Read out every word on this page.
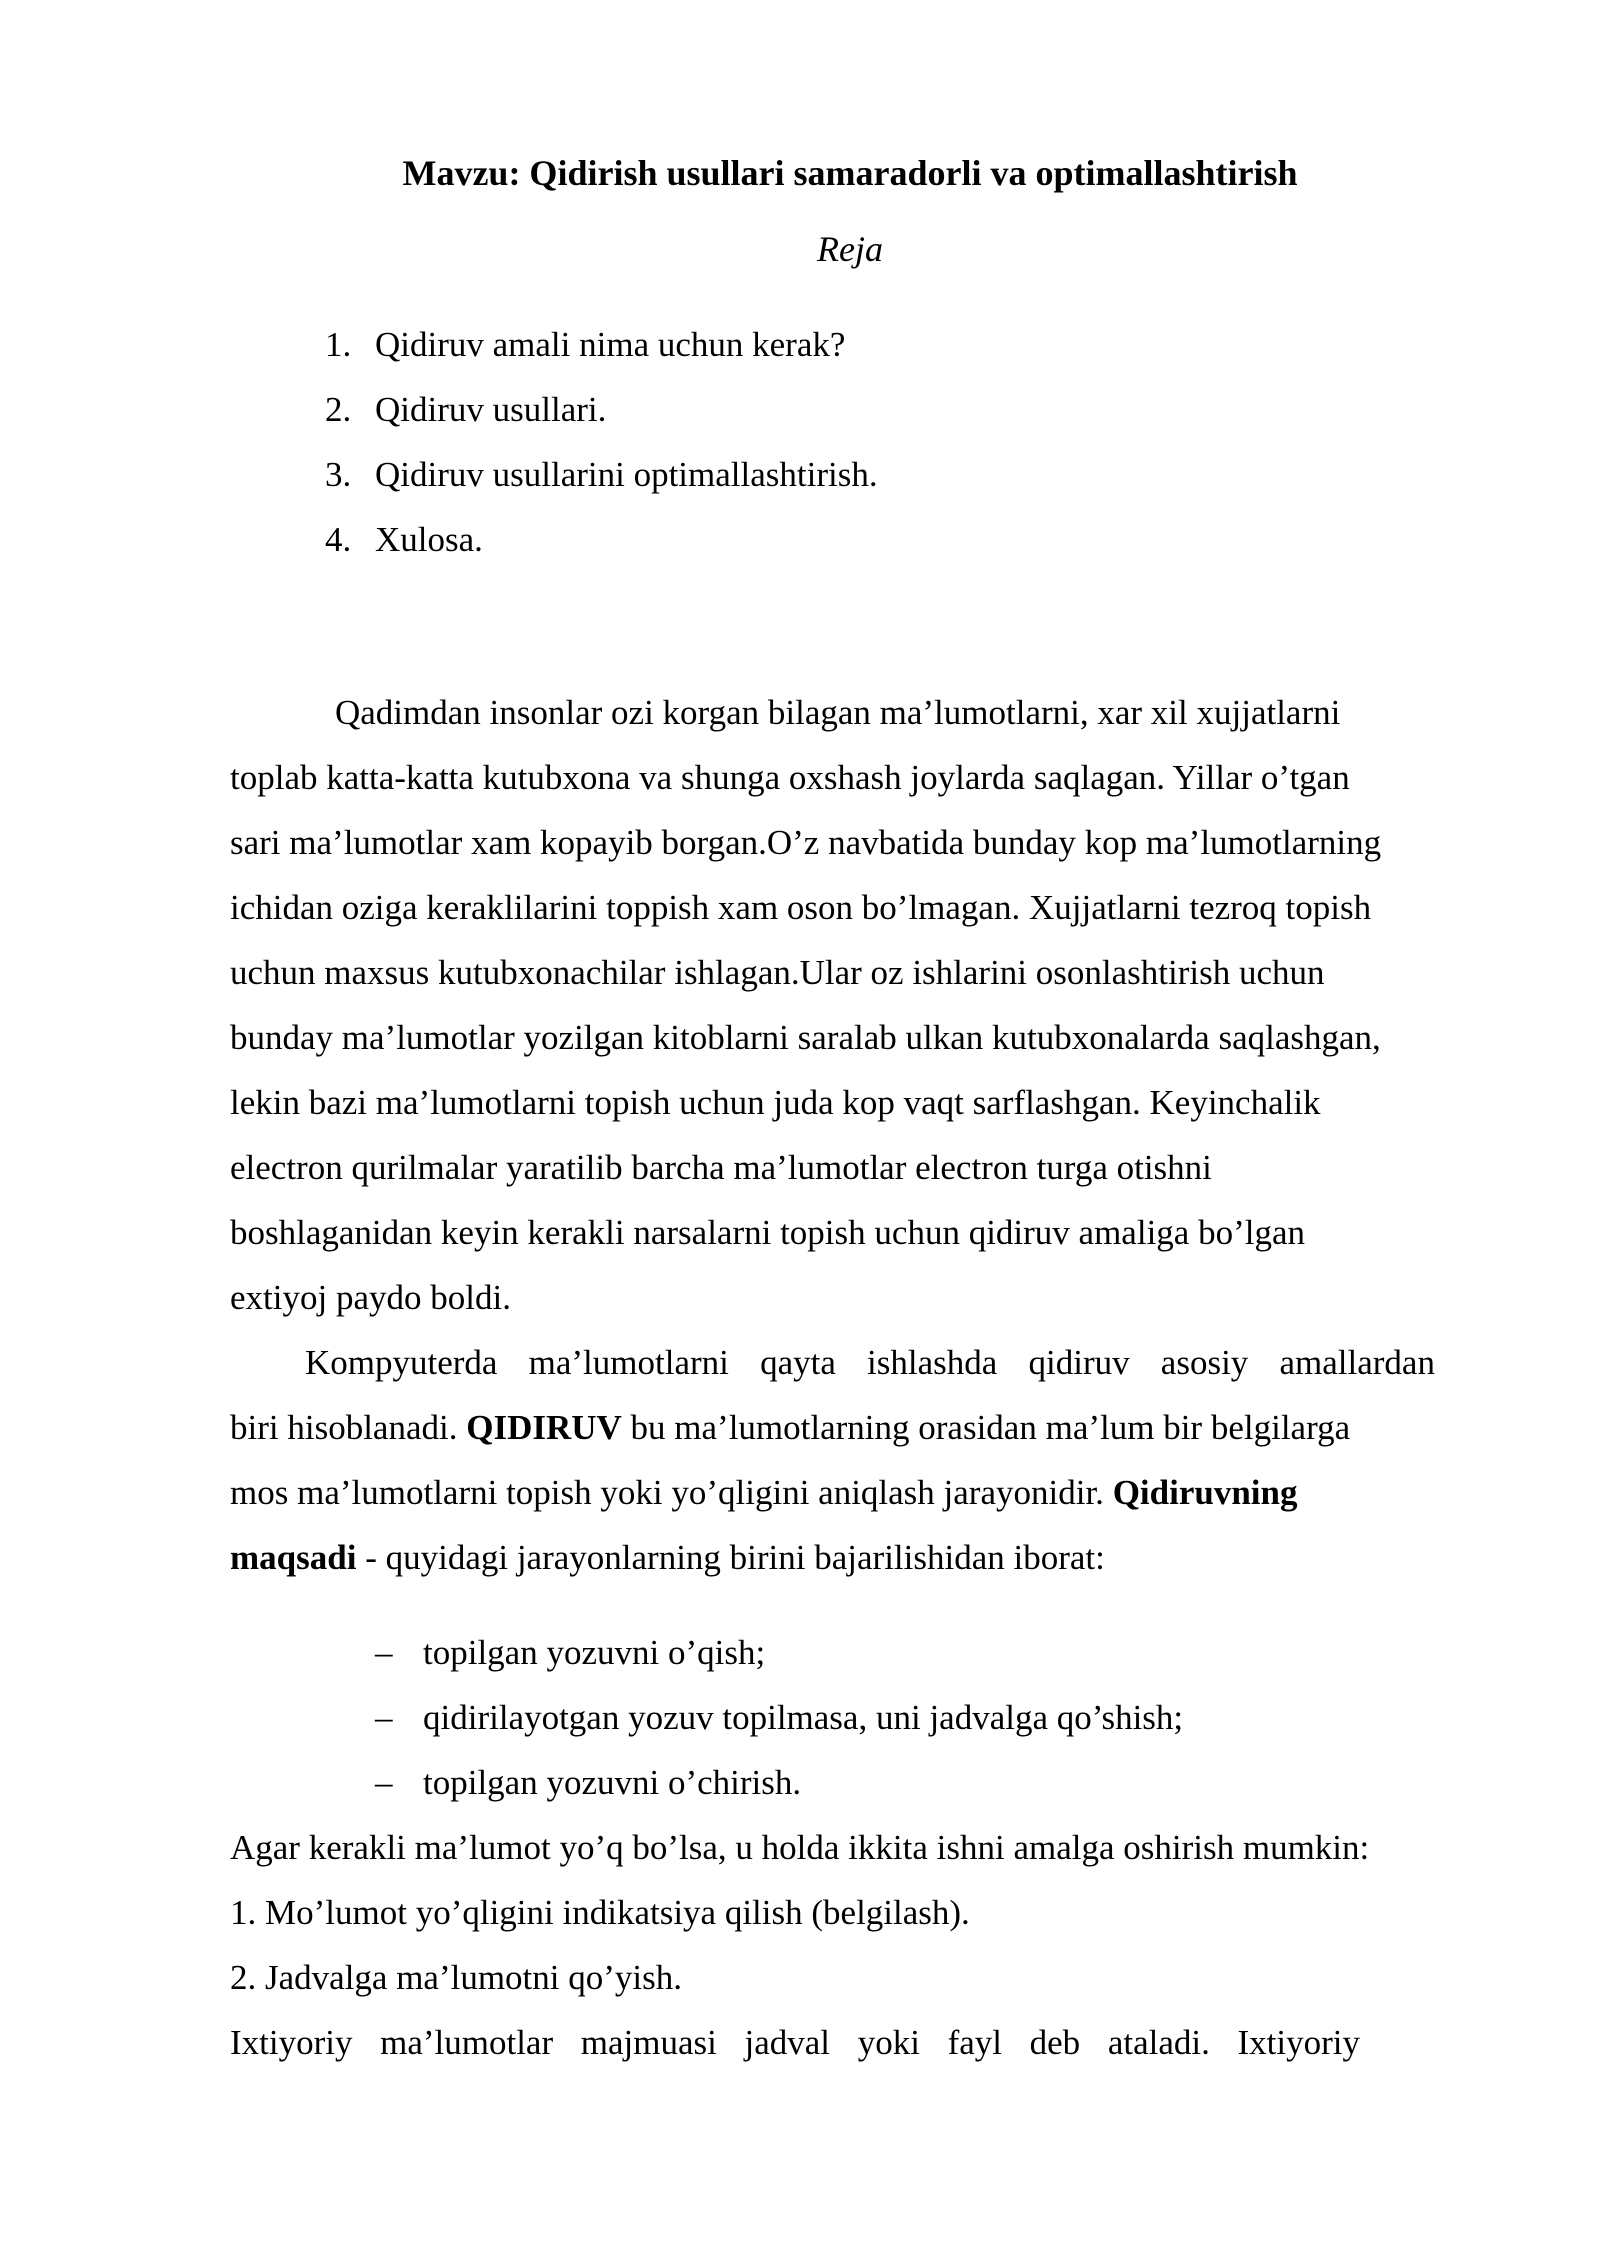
Mavzu: Qidirish usullari samaradorli va optimallashtirish
Reja
1. Qidiruv amali nima uchun kerak?
2. Qidiruv usullari.
3. Qidiruv usullarini optimallashtirish.
4. Xulosa.
Qadimdan insonlar ozi korgan bilagan ma’lumotlarni, xar xil xujjatlarni
toplab katta-katta kutubxona va shunga oxshash joylarda saqlagan. Yillar o’tgan
sari ma’lumotlar xam kopayib borgan.O’z navbatida bunday kop ma’lumotlarning
ichidan oziga keraklilarini toppish xam oson bo’lmagan. Xujjatlarni tezroq topish
uchun maxsus kutubxonachilar ishlagan.Ular oz ishlarini osonlashtirish uchun
bunday ma’lumotlar yozilgan kitoblarni saralab ulkan kutubxonalarda saqlashgan,
lekin bazi ma’lumotlarni topish uchun juda kop vaqt sarflashgan. Keyinchalik
electron qurilmalar yaratilib barcha ma’lumotlar electron turga otishni
boshlaganidan keyin kerakli narsalarni topish uchun qidiruv amaliga bo’lgan
extiyoj paydo boldi.
Kompyuterda ma’lumotlarni qayta ishlashda qidiruv asosiy amallardan
biri hisoblanadi. QIDIRUV bu ma’lumotlarning orasidan ma’lum bir belgilarga
mos ma’lumotlarni topish yoki yo’qligini aniqlash jarayonidir. Qidiruvning
maqsadi - quyidagi jarayonlarning birini bajarilishidan iborat:
– topilgan yozuvni o’qish;
– qidirilayotgan yozuv topilmasa, uni jadvalga qo’shish;
– topilgan yozuvni o’chirish.
Agar kerakli ma’lumot yo’q bo’lsa, u holda ikkita ishni amalga oshirish mumkin:
1. Mo’lumot yo’qligini indikatsiya qilish (belgilash).
2. Jadvalga ma’lumotni qo’yish.
Ixtiyoriy ma’lumotlar majmuasi jadval yoki fayl deb ataladi. Ixtiyoriy
